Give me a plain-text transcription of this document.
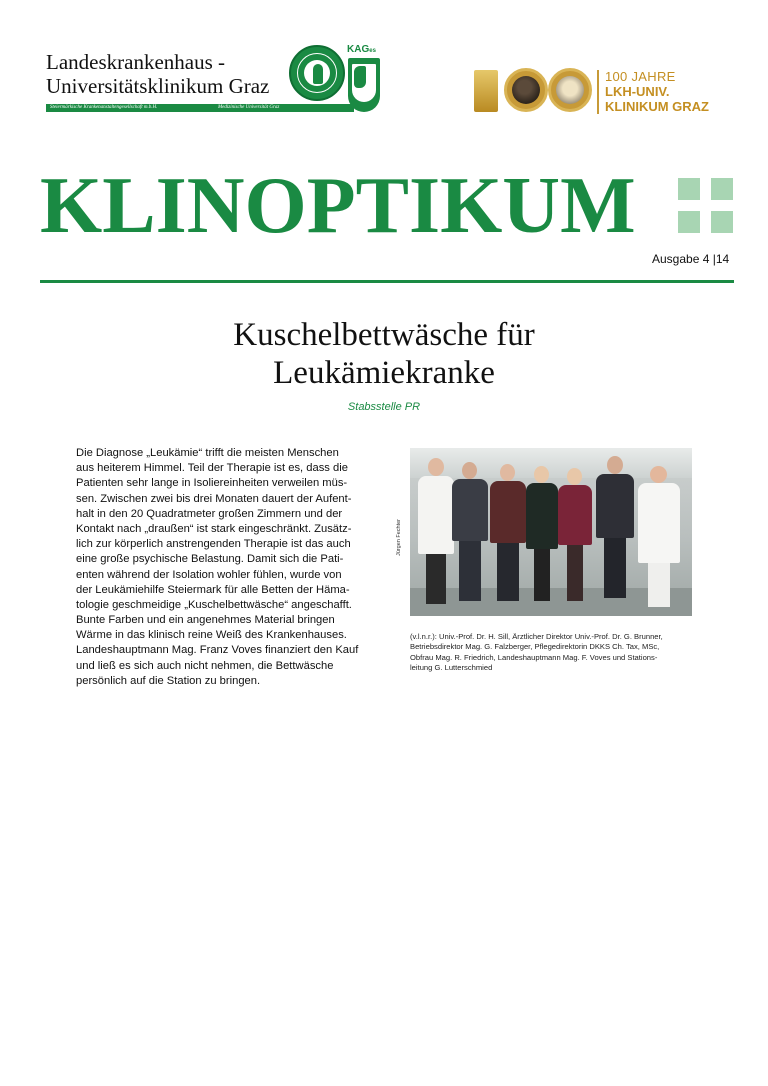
Landeskrankenhaus -
Universitätsklinikum Graz
Steiermärkische Krankenanstaltengesellschaft m.b.H.	Medizinische Universität Graz
KAGes
100 JAHRE
LKH-UNIV.
KLINIKUM GRAZ
KLINOPTIKUM
Ausgabe 4 |14
Kuschelbettwäsche für
Leukämiekranke
Stabsstelle PR
Die Diagnose „Leukämie“ trifft die meisten Menschen
aus heiterem Himmel. Teil der Therapie ist es, dass die
Patienten sehr lange in Isoliereinheiten verweilen müs-
sen. Zwischen zwei bis drei Monaten dauert der Aufent-
halt in den 20 Quadratmeter großen Zimmern und der
Kontakt nach „draußen“ ist stark eingeschränkt. Zusätz-
lich zur körperlich anstrengenden Therapie ist das auch
eine große psychische Belastung. Damit sich die Pati-
enten während der Isolation wohler fühlen, wurde von
der Leukämiehilfe Steiermark für alle Betten der Häma-
tologie geschmeidige „Kuschelbettwäsche“ angeschafft.
Bunte Farben und ein angenehmes Material bringen
Wärme in das klinisch reine Weiß des Krankenhauses.
Landeshauptmann Mag. Franz Voves finanziert den Kauf
und ließ es sich auch nicht nehmen, die Bettwäsche
persönlich auf die Station zu bringen.
Jürgen Fechter
(v.l.n.r.): Univ.-Prof. Dr. H. Sill, Ärztlicher Direktor Univ.-Prof. Dr. G. Brunner,
Betriebsdirektor Mag. G. Falzberger, Pflegedirektorin DKKS Ch. Tax, MSc,
Obfrau Mag. R. Friedrich, Landeshauptmann Mag. F. Voves und Stations-
leitung G. Lutterschmied
